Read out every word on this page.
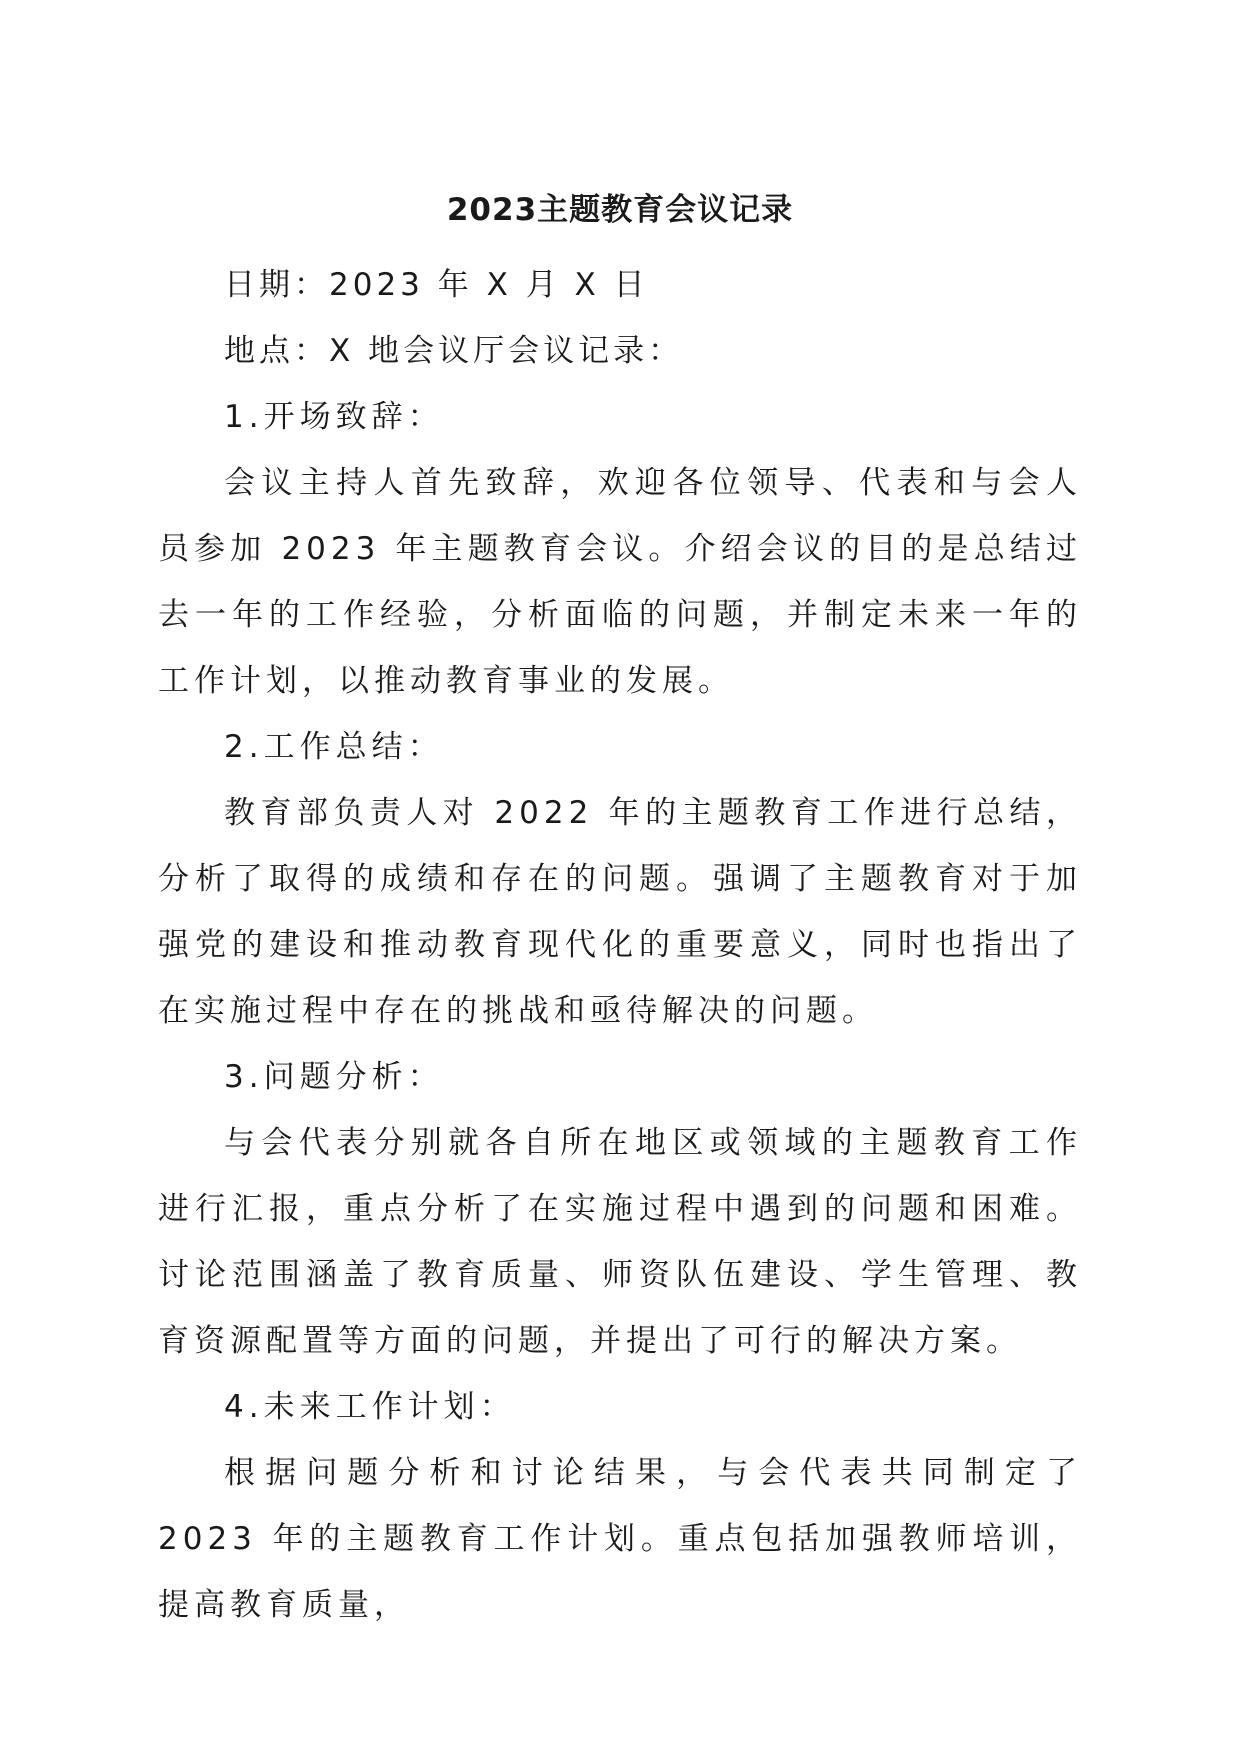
2023主题教育会议记录

日期：2023 年 X 月 X 日

地点：X 地会议厅会议记录：

1.开场致辞：

会议主持人首先致辞，欢迎各位领导、代表和与会人员参加 2023 年主题教育会议。介绍会议的目的是总结过去一年的工作经验，分析面临的问题，并制定未来一年的工作计划，以推动教育事业的发展。

2.工作总结：

教育部负责人对 2022 年的主题教育工作进行总结，分析了取得的成绩和存在的问题。强调了主题教育对于加强党的建设和推动教育现代化的重要意义，同时也指出了在实施过程中存在的挑战和亟待解决的问题。

3.问题分析：

与会代表分别就各自所在地区或领域的主题教育工作进行汇报，重点分析了在实施过程中遇到的问题和困难。讨论范围涵盖了教育质量、师资队伍建设、学生管理、教育资源配置等方面的问题，并提出了可行的解决方案。

4.未来工作计划：

根据问题分析和讨论结果，与会代表共同制定了 2023 年的主题教育工作计划。重点包括加强教师培训，提高教育质量，
